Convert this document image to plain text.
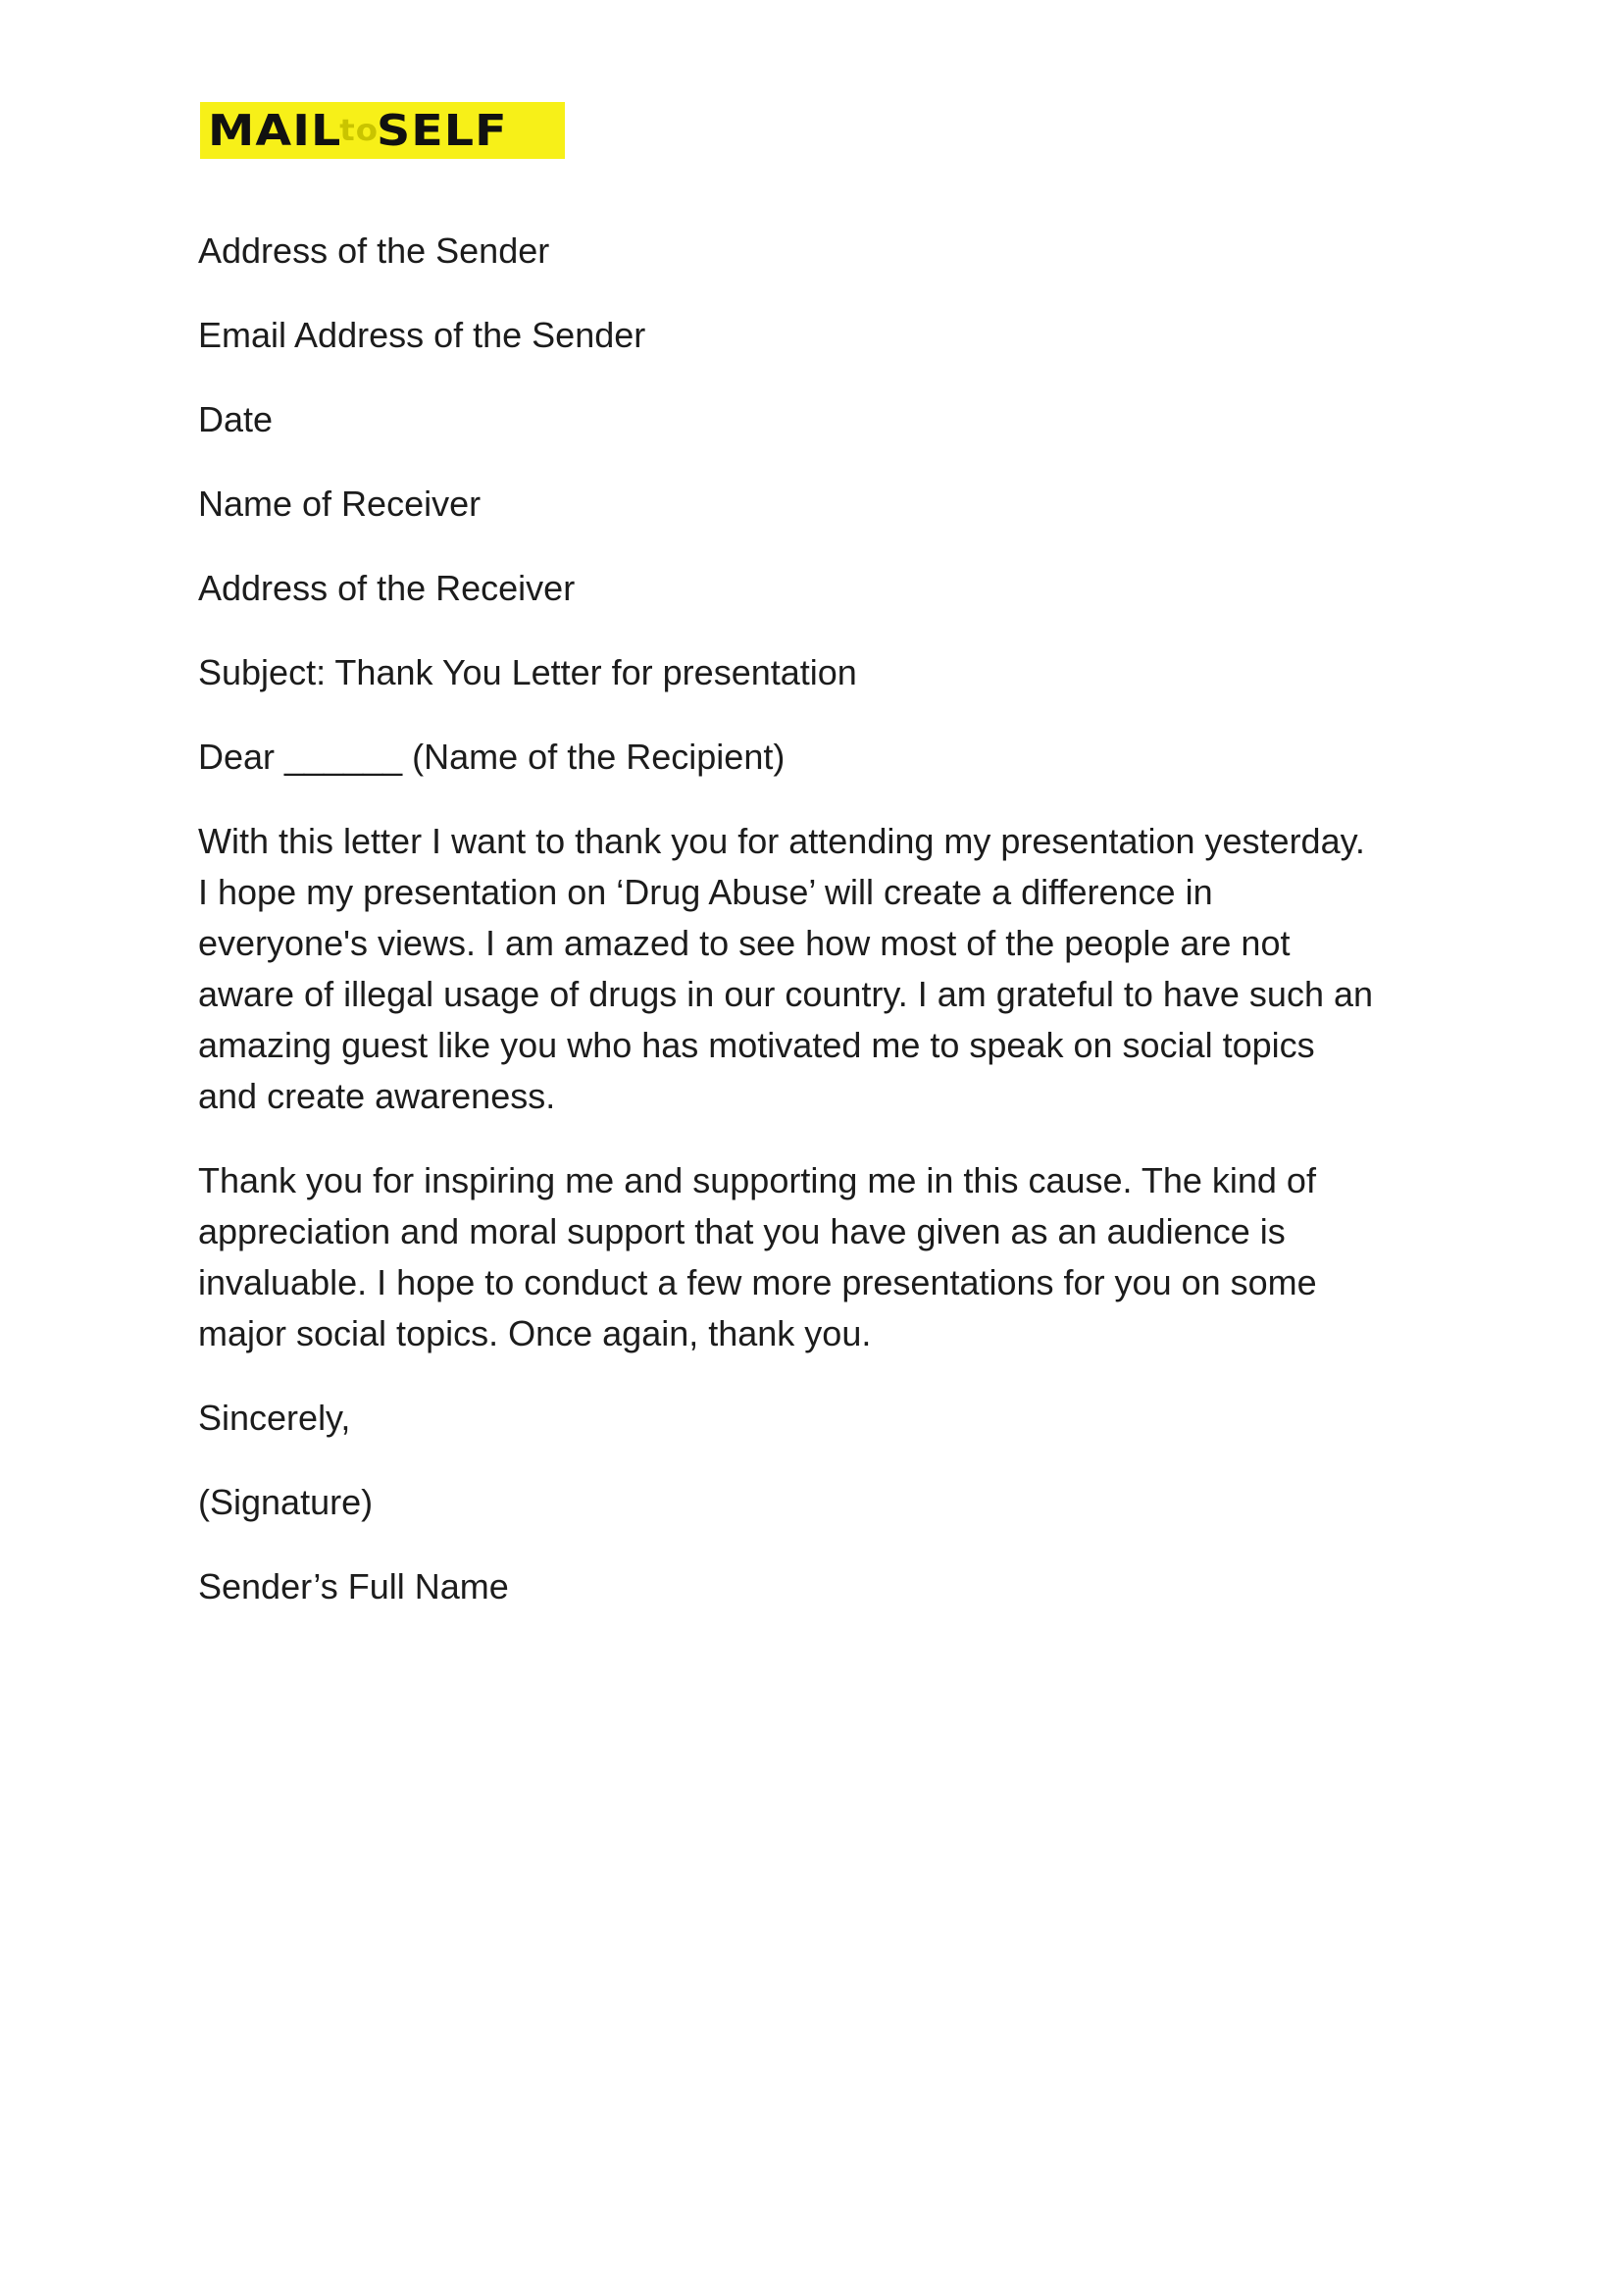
MAILtoSELF
Address of the Sender
Email Address of the Sender
Date
Name of Receiver
Address of the Receiver
Subject: Thank You Letter for presentation
Dear ______ (Name of the Recipient)
With this letter I want to thank you for attending my presentation yesterday.
I hope my presentation on ‘Drug Abuse’ will create a difference in
everyone's views. I am amazed to see how most of the people are not
aware of illegal usage of drugs in our country. I am grateful to have such an
amazing guest like you who has motivated me to speak on social topics
and create awareness.
Thank you for inspiring me and supporting me in this cause. The kind of
appreciation and moral support that you have given as an audience is
invaluable. I hope to conduct a few more presentations for you on some
major social topics. Once again, thank you.
Sincerely,
(Signature)
Sender’s Full Name
